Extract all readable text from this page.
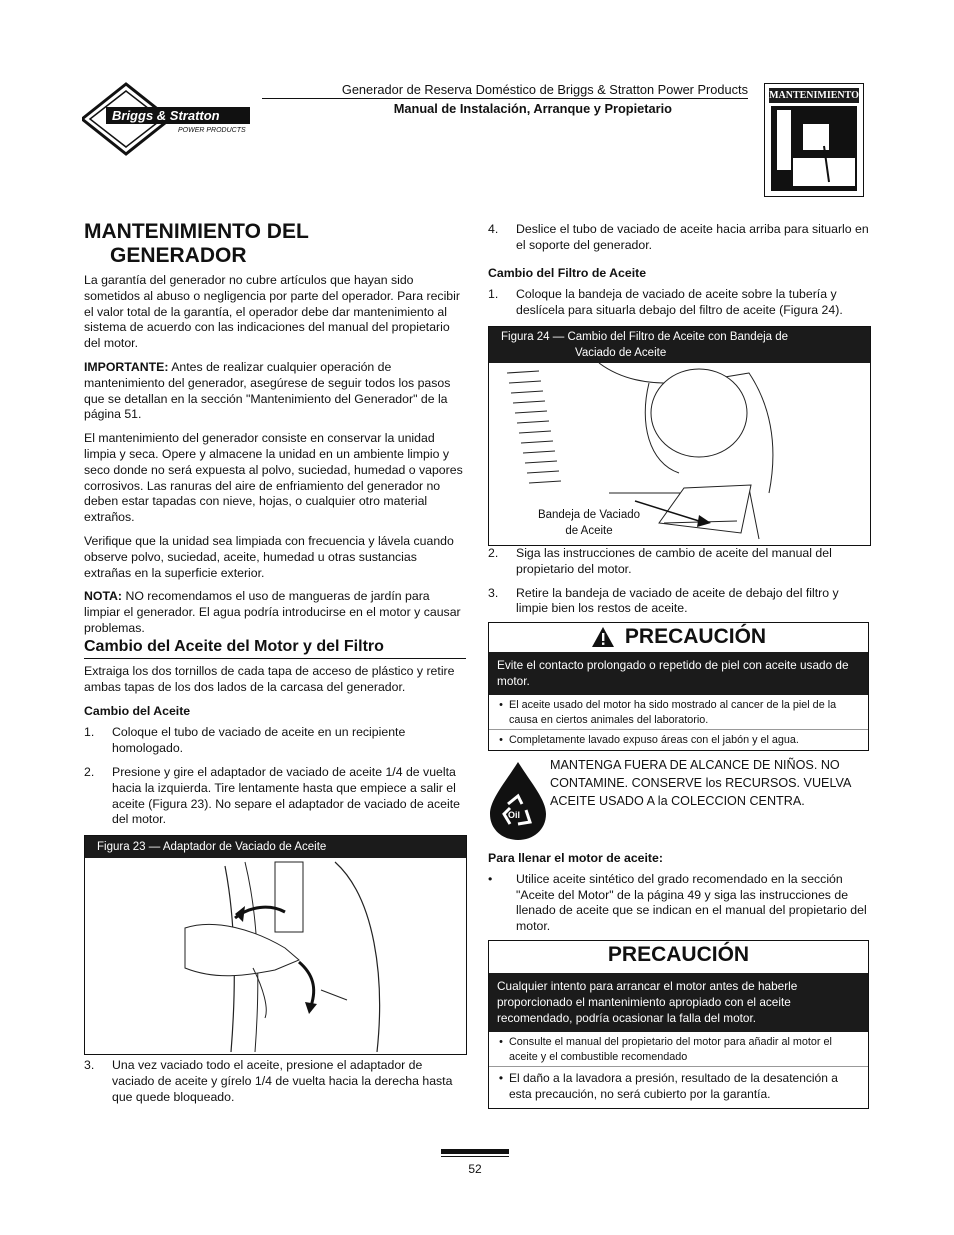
Briggs & Stratton
POWER PRODUCTS
Generador de Reserva Doméstico de Briggs & Stratton Power Products
Manual de Instalación, Arranque y Propietario
MANTENIMIENTO
MANTENIMIENTO DEL
GENERADOR

La garantía del generador no cubre artículos que hayan sido sometidos al abuso o negligencia por parte del operador. Para recibir el valor total de la garantía, el operador debe dar mantenimiento al sistema de acuerdo con las indicaciones del manual del propietario del motor.

IMPORTANTE: Antes de realizar cualquier operación de mantenimiento del generador, asegúrese de seguir todos los pasos que se detallan en la sección "Mantenimiento del Generador" de la página 51.

El mantenimiento del generador consiste en conservar la unidad limpia y seca. Opere y almacene la unidad en un ambiente limpio y seco donde no será expuesta al polvo, suciedad, humedad o vapores corrosivos. Las ranuras del aire de enfriamiento del generador no deben estar tapadas con nieve, hojas, o cualquier otro material extraños.

Verifique que la unidad sea limpiada con frecuencia y lávela cuando observe polvo, suciedad, aceite, humedad u otras sustancias extrañas en la superficie exterior.

NOTA: NO recomendamos el uso de mangueras de jardín para limpiar el generador. El agua podría introducirse en el motor y causar problemas.

Cambio del Aceite del Motor y del Filtro

Extraiga los dos tornillos de cada tapa de acceso de plástico y retire ambas tapas de los dos lados de la carcasa del generador.

Cambio del Aceite

1.	Coloque el tubo de vaciado de aceite en un recipiente homologado.
2.	Presione y gire el adaptador de vaciado de aceite 1/4 de vuelta hacia la izquierda. Tire lentamente hasta que empiece a salir el aceite (Figura 23). No separe el adaptador de vaciado de aceite del motor.
Figura 23 — Adaptador de Vaciado de Aceite
3.	Una vez vaciado todo el aceite, presione el adaptador de vaciado de aceite y gírelo 1/4 de vuelta hacia la derecha hasta que quede bloqueado.
4.	Deslice el tubo de vaciado de aceite hacia arriba para situarlo en el soporte del generador.

Cambio del Filtro de Aceite

1.	Coloque la bandeja de vaciado de aceite sobre la tubería y deslícela para situarla debajo del filtro de aceite (Figura 24).
Figura 24 — Cambio del Filtro de Aceite con Bandeja de
Vaciado de Aceite
Bandeja de Vaciado
de Aceite
2.	Siga las instrucciones de cambio de aceite del manual del propietario del motor.
3.	Retire la bandeja de vaciado de aceite de debajo del filtro y limpie bien los restos de aceite.
PRECAUCIÓN
Evite el contacto prolongado o repetido de piel con aceite usado de motor.
• El aceite usado del motor ha sido mostrado al cancer de la piel de la causa en ciertos animales del laboratorio.
• Completamente lavado expuso áreas con el jabón y el agua.
Oil
MANTENGA FUERA DE ALCANCE DE NIÑOS. NO CONTAMINE. CONSERVE los RECURSOS. VUELVA ACEITE USADO A la COLECCION CENTRA.

Para llenar el motor de aceite:

•	Utilice aceite sintético del grado recomendado en la sección "Aceite del Motor" de la página 49 y siga las instrucciones de llenado de aceite que se indican en el manual del propietario del motor.
PRECAUCIÓN
Cualquier intento para arrancar el motor antes de haberle proporcionado el mantenimiento apropiado con el aceite recomendado, podría ocasionar la falla del motor.
• Consulte el manual del propietario del motor para añadir al motor el aceite y el combustible recomendado
• El daño a la lavadora a presión, resultado de la desatención a esta precaución, no será cubierto por la garantía.
52
